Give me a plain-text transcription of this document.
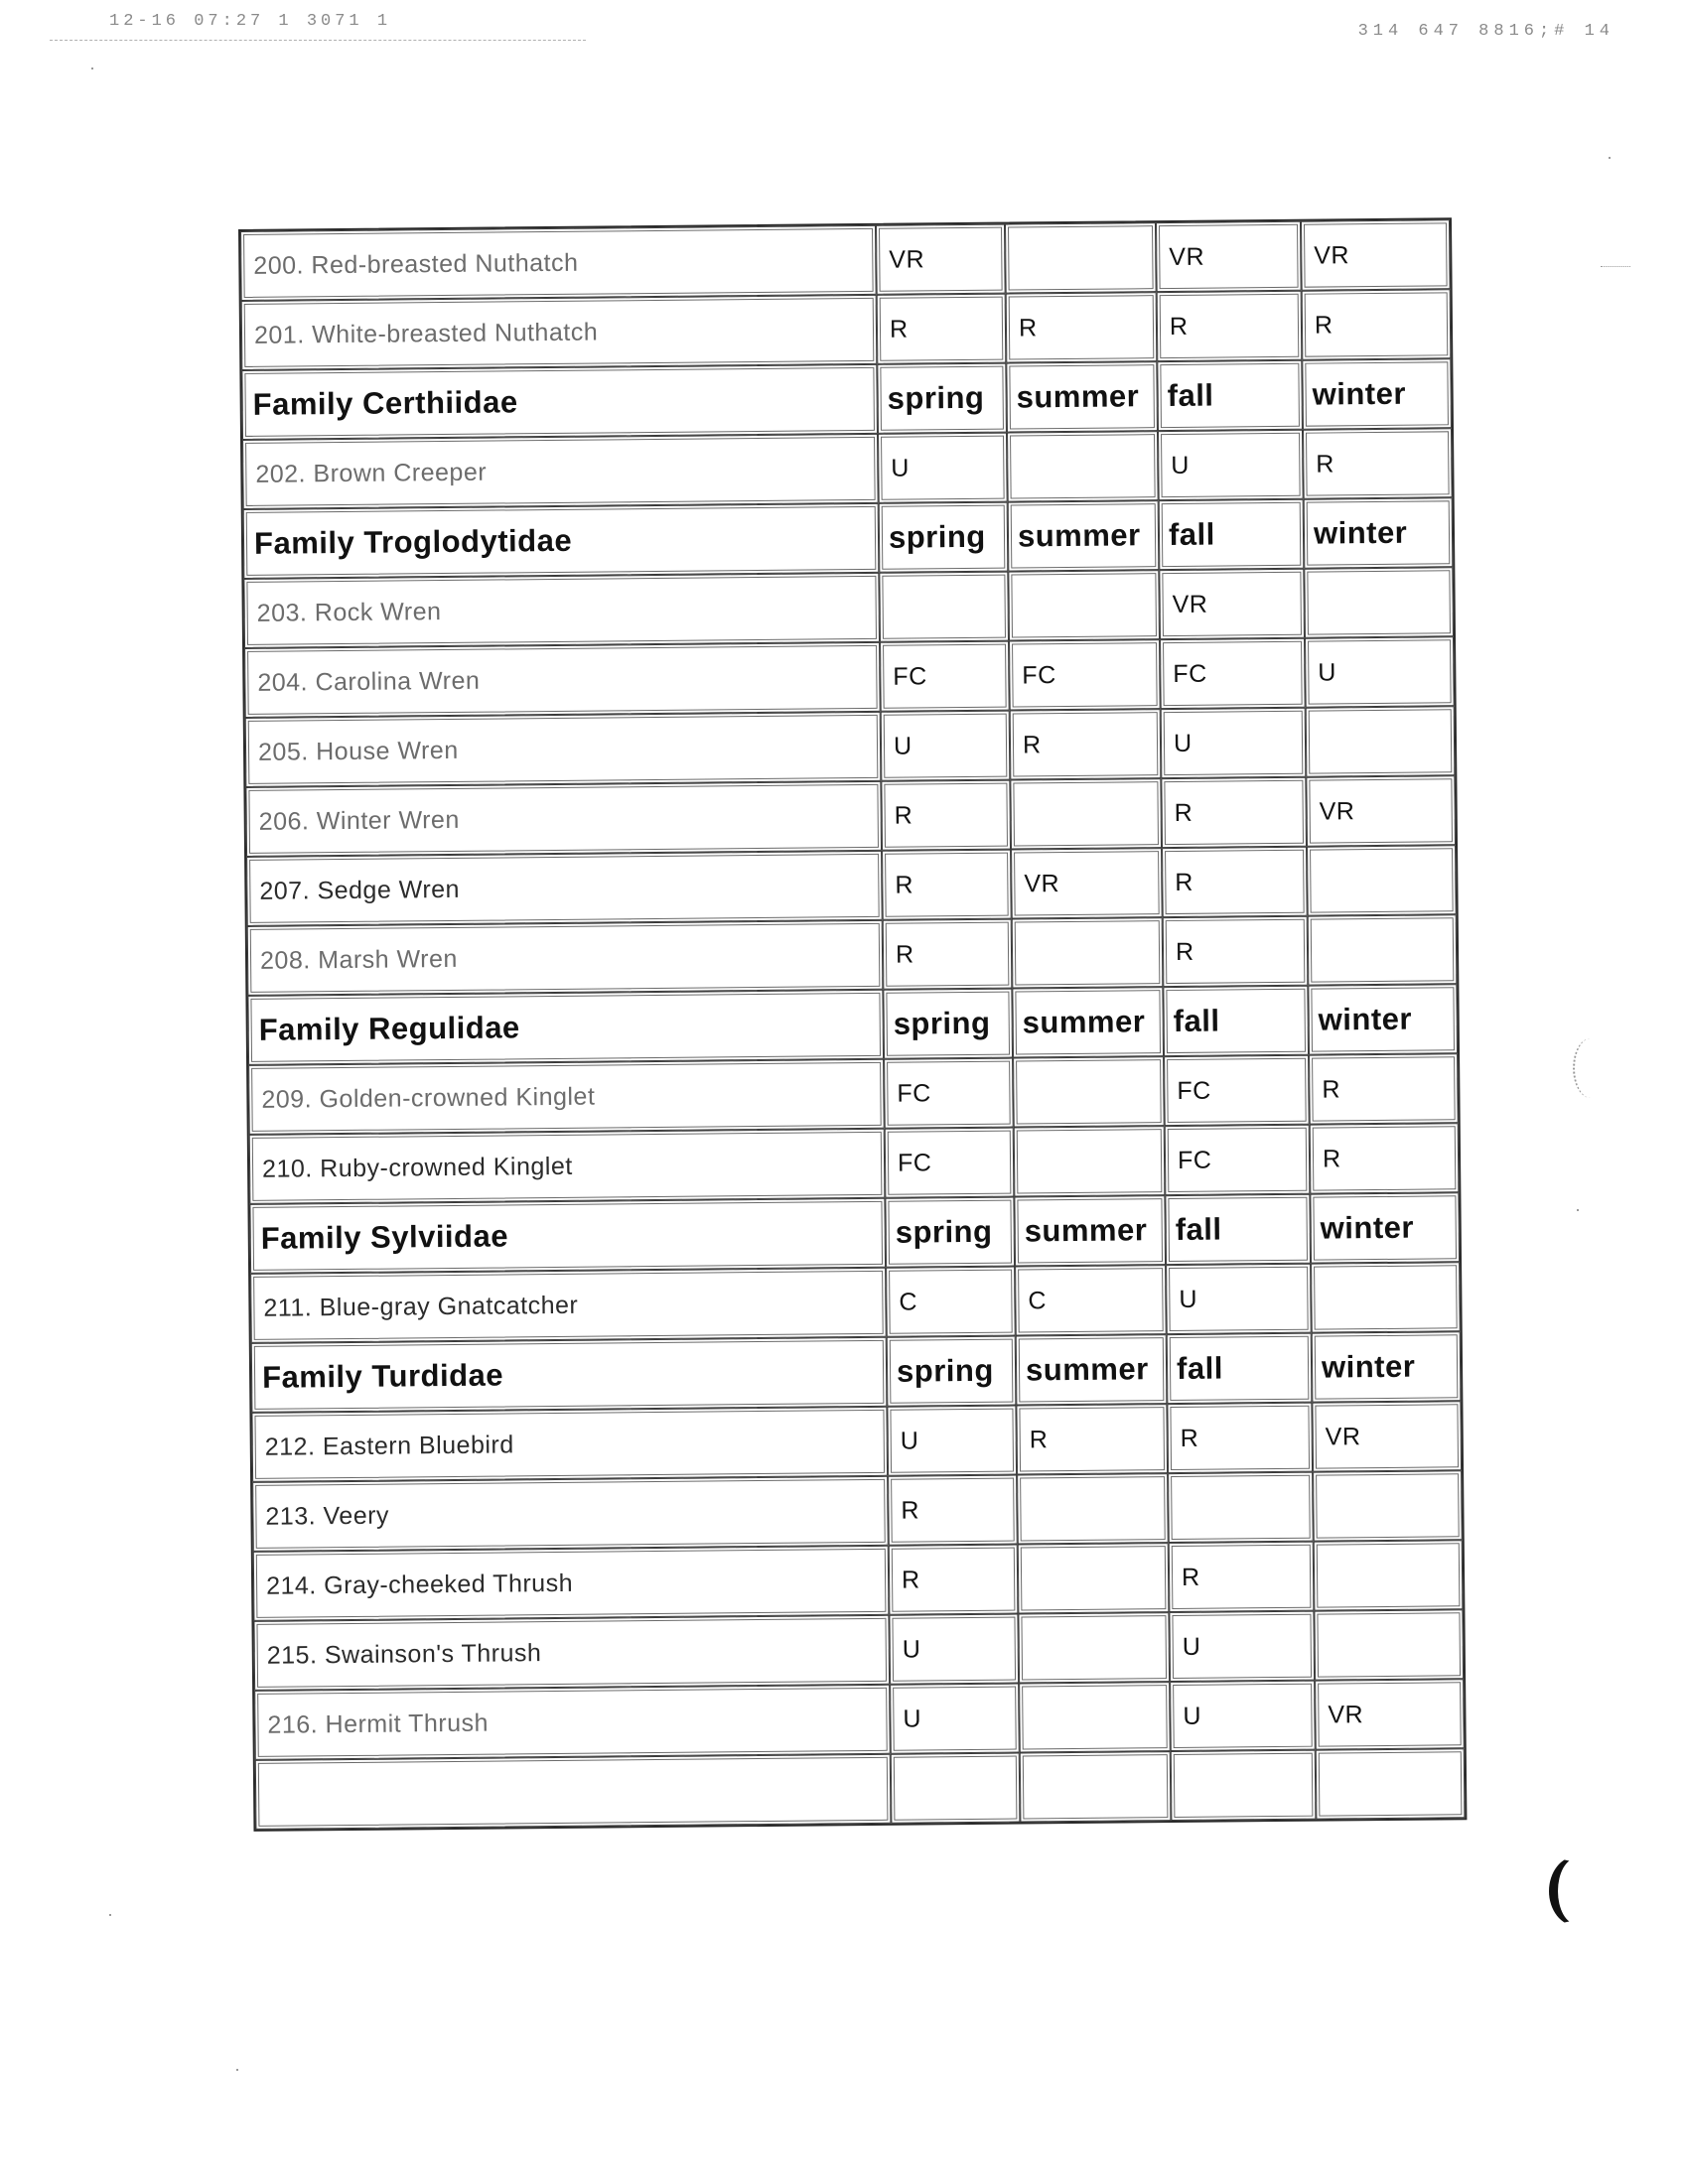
12-16 07:27 1 3071 1
314 647 8816;# 14
200. Red-breasted Nuthatch	VR		VR	VR
201. White-breasted Nuthatch	R	R	R	R
Family Certhiidae	spring	summer	fall	winter
202. Brown Creeper	U		U	R
Family Troglodytidae	spring	summer	fall	winter
203. Rock Wren			VR	
204. Carolina Wren	FC	FC	FC	U
205. House Wren	U	R	U	
206. Winter Wren	R		R	VR
207. Sedge Wren	R	VR	R	
208. Marsh Wren	R		R	
Family Regulidae	spring	summer	fall	winter
209. Golden-crowned Kinglet	FC		FC	R
210. Ruby-crowned Kinglet	FC		FC	R
Family Sylviidae	spring	summer	fall	winter
211. Blue-gray Gnatcatcher	C	C	U	
Family Turdidae	spring	summer	fall	winter
212. Eastern Bluebird	U	R	R	VR
213. Veery	R			
214. Gray-cheeked Thrush	R		R	
215. Swainson's Thrush	U		U	
216. Hermit Thrush	U		U	VR
